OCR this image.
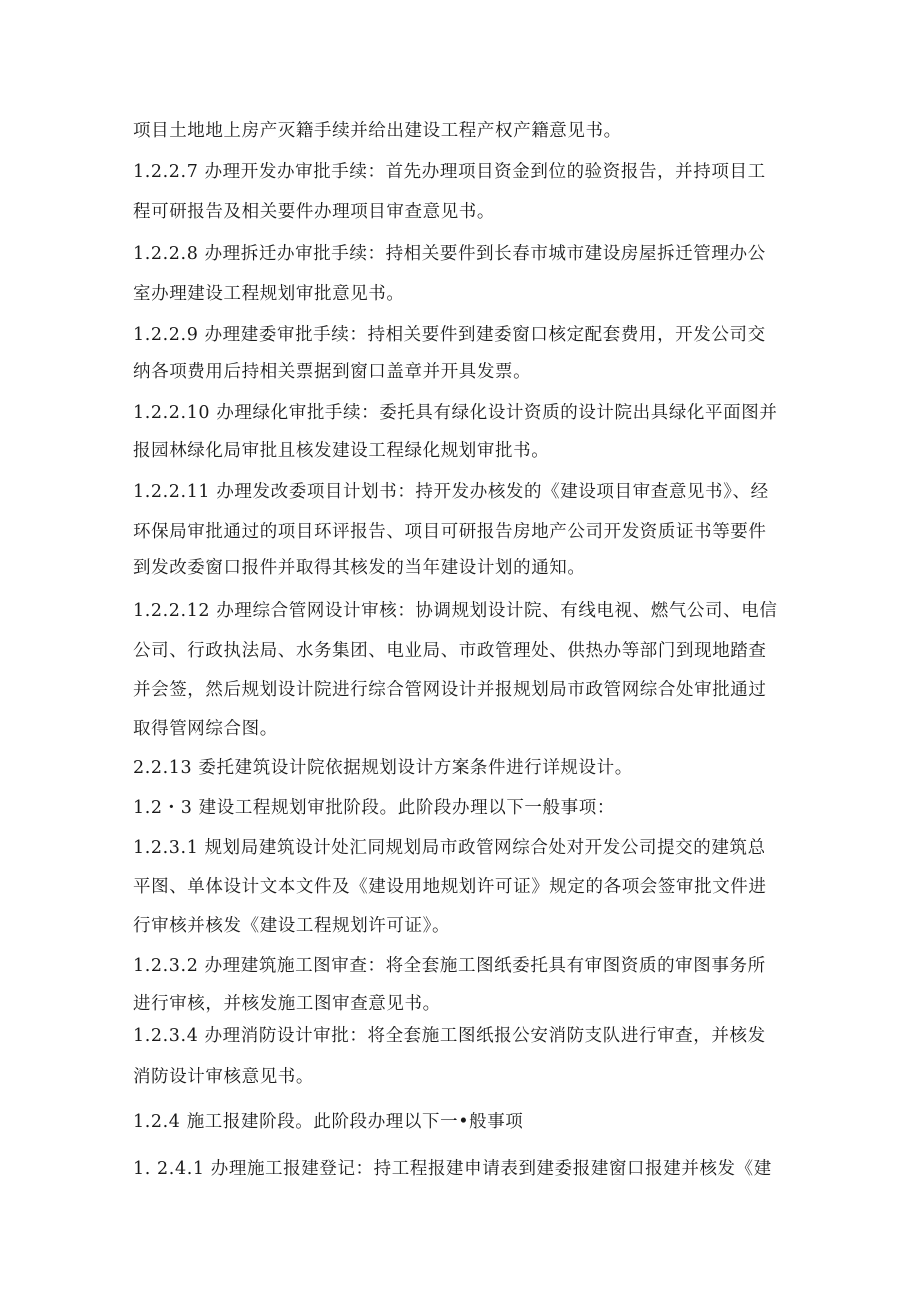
项目土地地上房产灭籍手续并给出建设工程产权产籍意见书。
1.2.2.7 办理开发办审批手续：首先办理项目资金到位的验资报告，并持项目工
程可研报告及相关要件办理项目审查意见书。
1.2.2.8 办理拆迁办审批手续：持相关要件到长春市城市建设房屋拆迁管理办公
室办理建设工程规划审批意见书。
1.2.2.9 办理建委审批手续：持相关要件到建委窗口核定配套费用，开发公司交
纳各项费用后持相关票据到窗口盖章并开具发票。
1.2.2.10 办理绿化审批手续：委托具有绿化设计资质的设计院出具绿化平面图并
报园林绿化局审批且核发建设工程绿化规划审批书。
1.2.2.11 办理发改委项目计划书：持开发办核发的《建设项目审查意见书》、经
环保局审批通过的项目环评报告、项目可研报告房地产公司开发资质证书等要件
到发改委窗口报件并取得其核发的当年建设计划的通知。
1.2.2.12 办理综合管网设计审核：协调规划设计院、有线电视、燃气公司、电信
公司、行政执法局、水务集团、电业局、市政管理处、供热办等部门到现地踏查
并会签，然后规划设计院进行综合管网设计并报规划局市政管网综合处审批通过
取得管网综合图。
2.2.13 委托建筑设计院依据规划设计方案条件进行详规设计。
1.2・3 建设工程规划审批阶段。此阶段办理以下一般事项：
1.2.3.1 规划局建筑设计处汇同规划局市政管网综合处对开发公司提交的建筑总
平图、单体设计文本文件及《建设用地规划许可证》规定的各项会签审批文件进
行审核并核发《建设工程规划许可证》。
1.2.3.2 办理建筑施工图审查：将全套施工图纸委托具有审图资质的审图事务所
进行审核，并核发施工图审查意见书。
1.2.3.4 办理消防设计审批：将全套施工图纸报公安消防支队进行审查，并核发
消防设计审核意见书。
1.2.4 施工报建阶段。此阶段办理以下一•般事项
1. 2.4.1 办理施工报建登记：持工程报建申请表到建委报建窗口报建并核发《建
